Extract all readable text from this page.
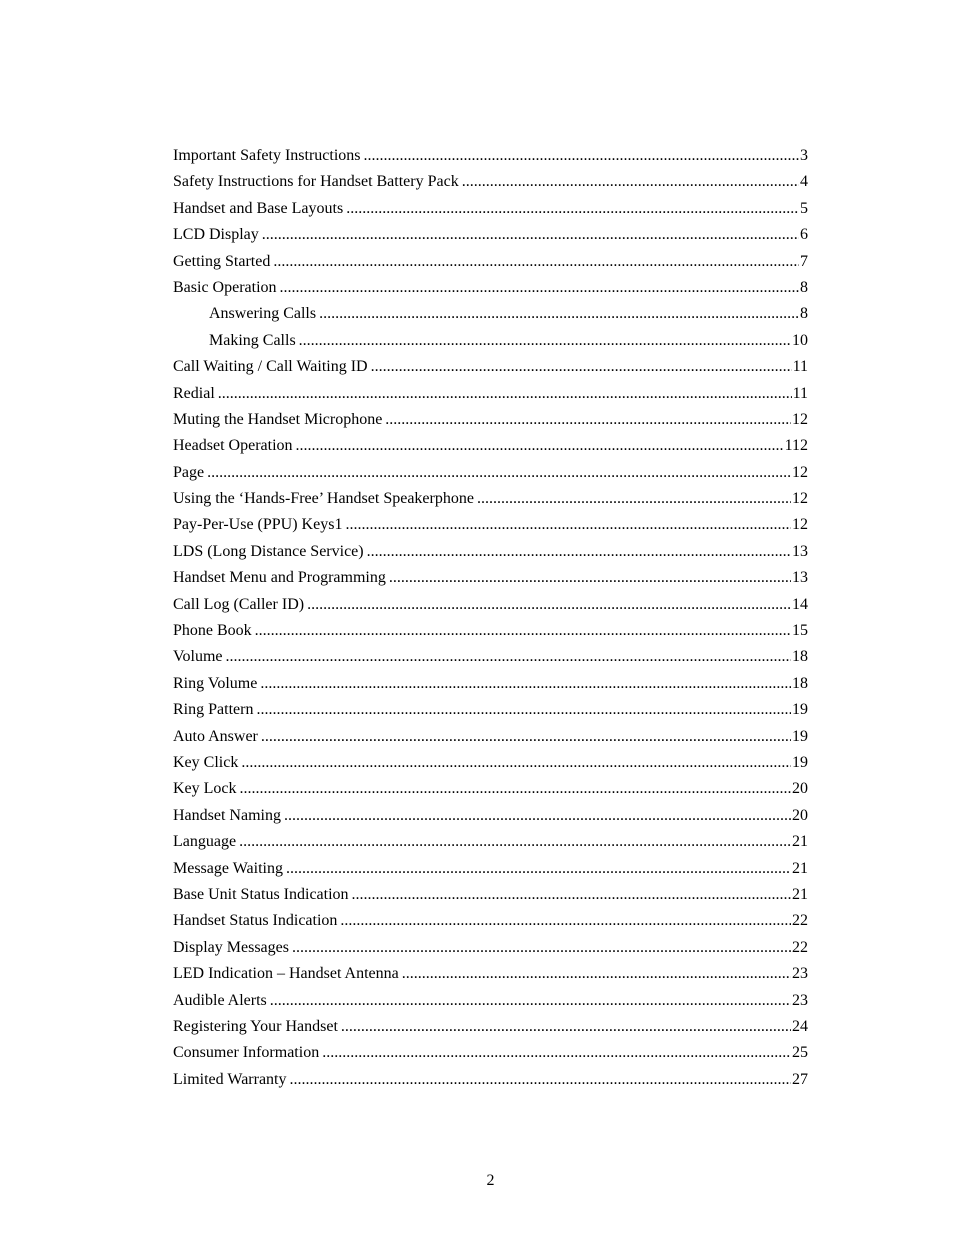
Important Safety Instructions .....	3
Safety Instructions for Handset Battery Pack .....	4
Handset and Base Layouts .....	5
LCD Display .....	6
Getting Started .....	7
Basic Operation .....	8
Answering Calls .....	8
Making Calls .....	10
Call Waiting / Call Waiting ID .....	11
Redial .....	11
Muting the Handset Microphone .....	12
Headset Operation .....	112
Page .....	12
Using the ‘Hands-Free’ Handset Speakerphone .....	12
Pay-Per-Use (PPU) Keys1 .....	12
LDS (Long Distance Service) .....	13
Handset Menu and Programming .....	13
Call Log (Caller ID) .....	14
Phone Book .....	15
Volume .....	18
Ring Volume .....	18
Ring Pattern .....	19
Auto Answer .....	19
Key Click .....	19
Key Lock .....	20
Handset Naming .....	20
Language .....	21
Message Waiting .....	21
Base Unit Status Indication .....	21
Handset Status Indication .....	22
Display Messages .....	22
LED Indication – Handset Antenna .....	23
Audible Alerts .....	23
Registering Your Handset .....	24
Consumer Information .....	25
Limited Warranty .....	27
2
